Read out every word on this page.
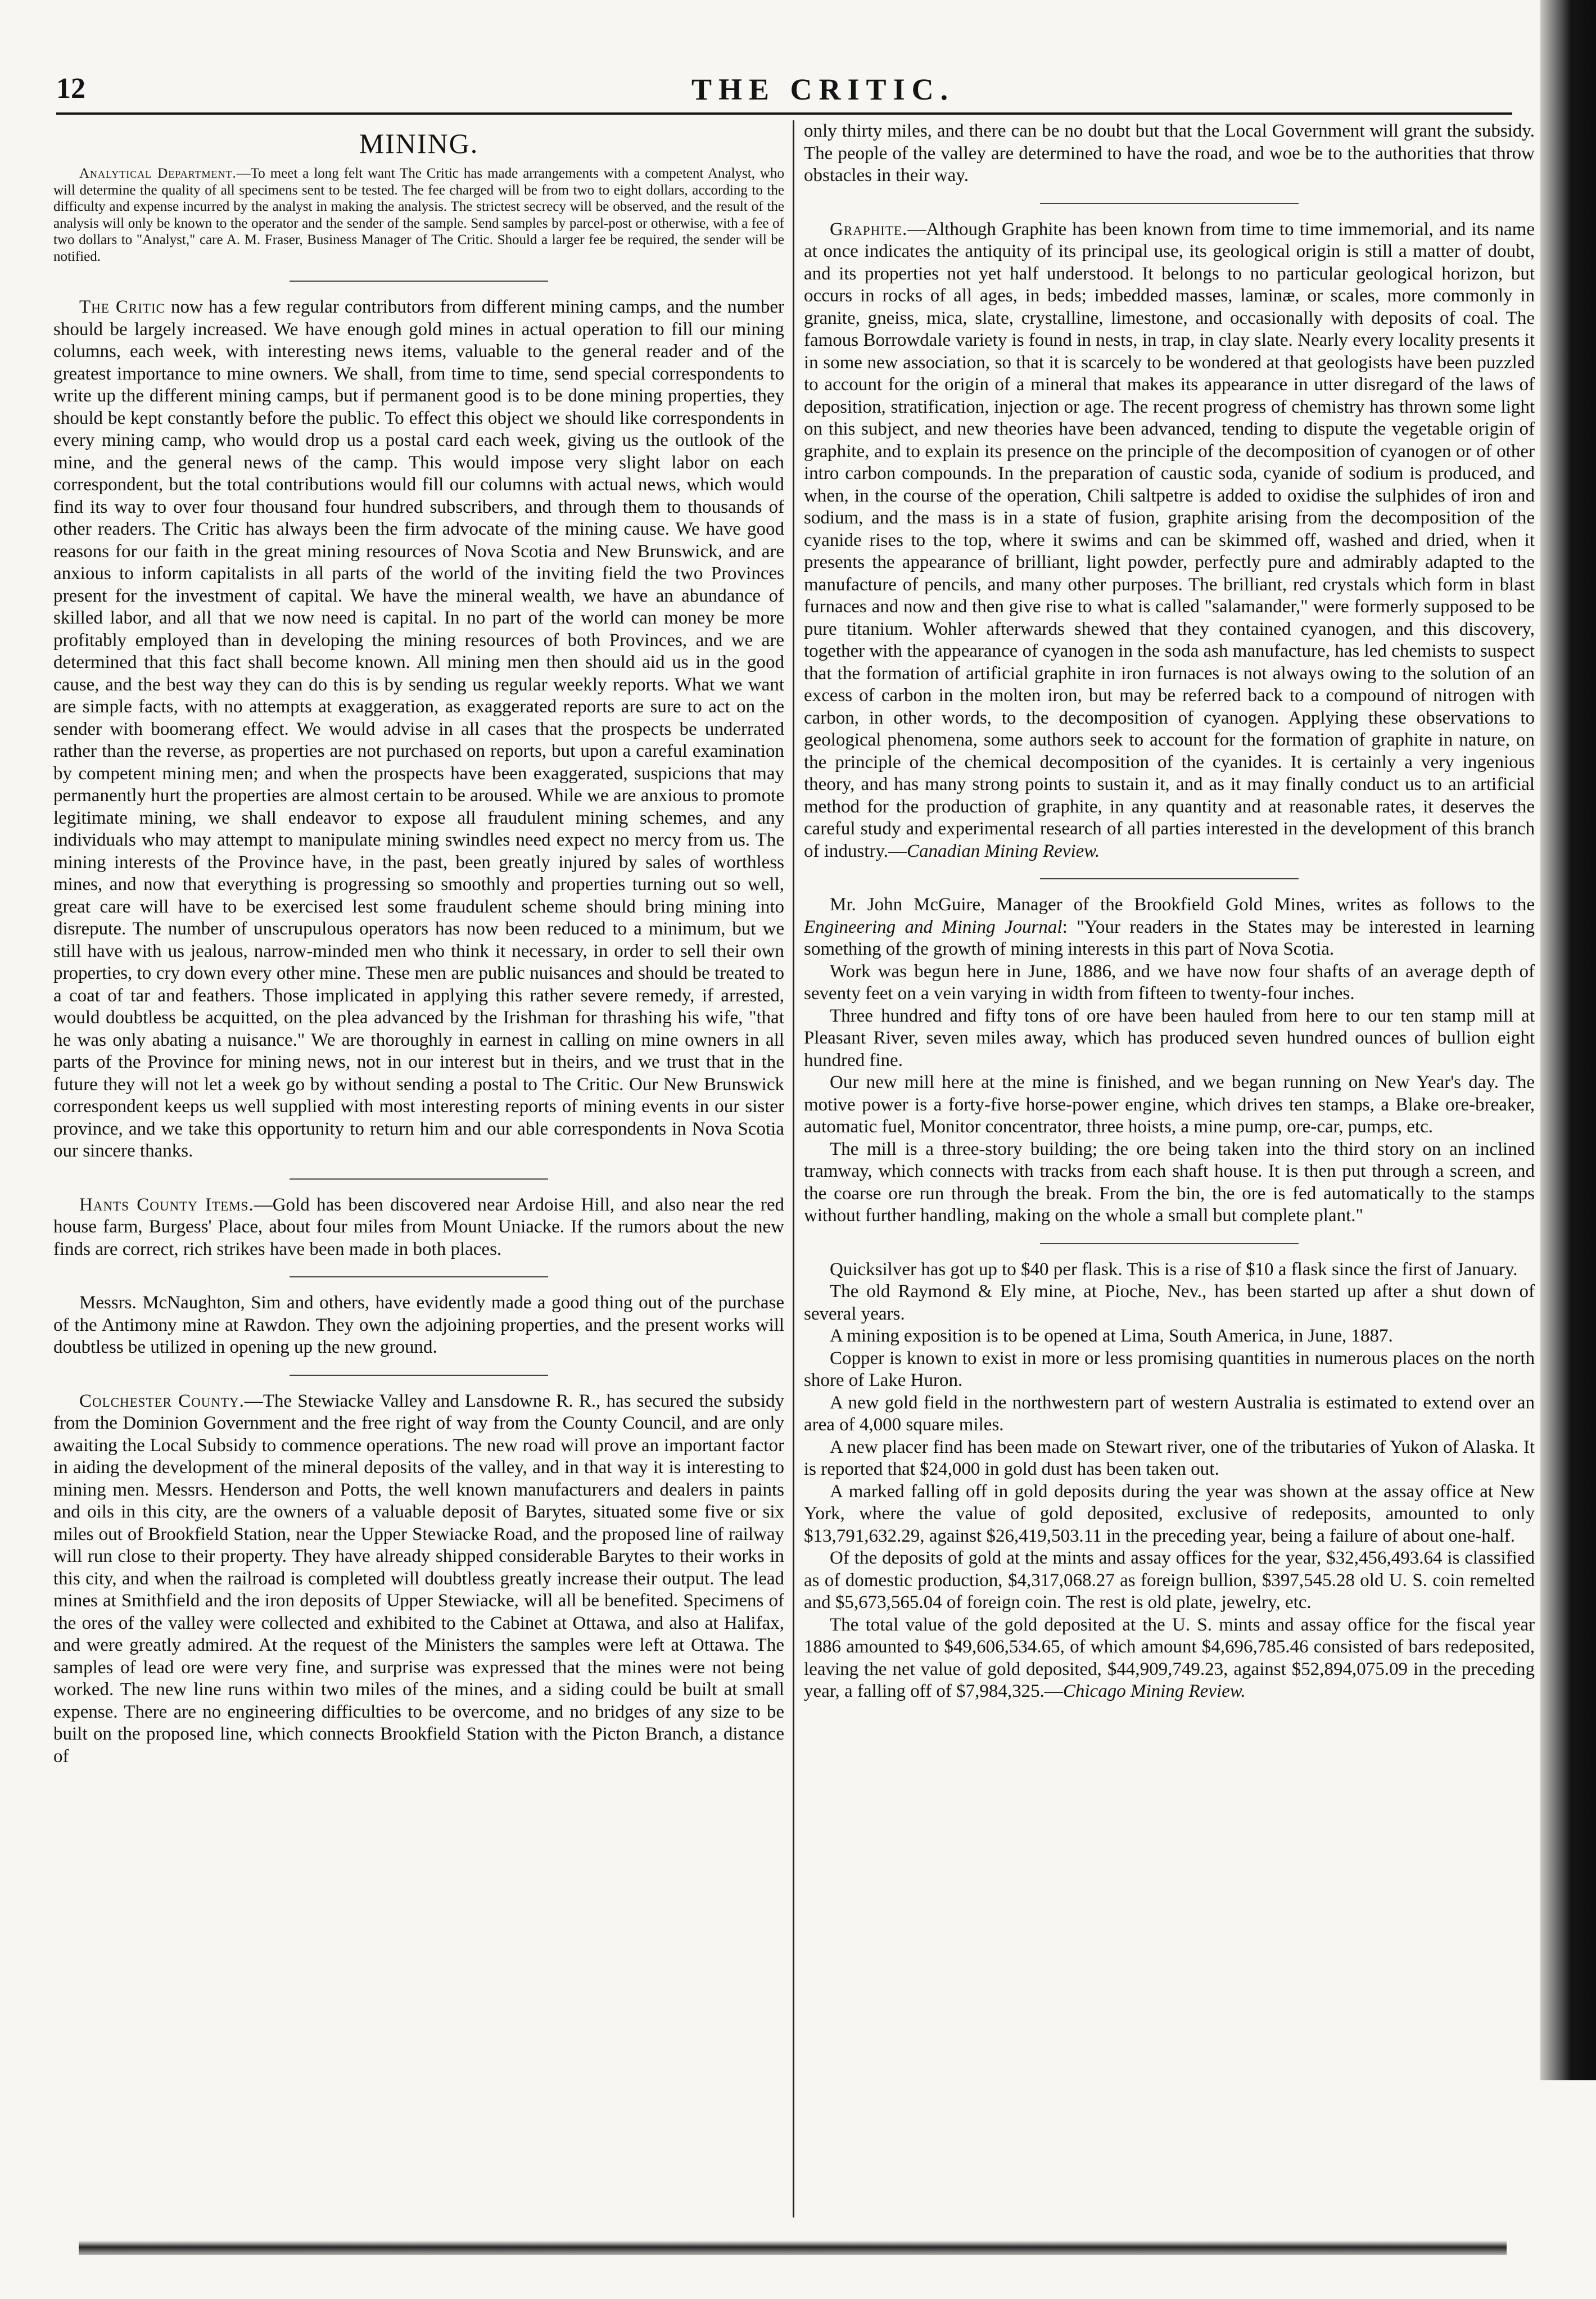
12	THE CRITIC.
MINING.

Analytical Department.—To meet a long felt want The Critic has made arrangements with a competent Analyst, who will determine the quality of all specimens sent to be tested. The fee charged will be from two to eight dollars, according to the difficulty and expense incurred by the analyst in making the analysis. The strictest secrecy will be observed, and the result of the analysis will only be known to the operator and the sender of the sample. Send samples by parcel-post or otherwise, with a fee of two dollars to "Analyst," care A. M. Fraser, Business Manager of The Critic. Should a larger fee be required, the sender will be notified.

The Critic now has a few regular contributors from different mining camps, and the number should be largely increased. We have enough gold mines in actual operation to fill our mining columns, each week, with interesting news items, valuable to the general reader and of the greatest importance to mine owners. We shall, from time to time, send special correspondents to write up the different mining camps, but if permanent good is to be done mining properties, they should be kept constantly before the public. To effect this object we should like correspondents in every mining camp, who would drop us a postal card each week, giving us the outlook of the mine, and the general news of the camp. This would impose very slight labor on each correspondent, but the total contributions would fill our columns with actual news, which would find its way to over four thousand four hundred subscribers, and through them to thousands of other readers. The Critic has always been the firm advocate of the mining cause. We have good reasons for our faith in the great mining resources of Nova Scotia and New Brunswick, and are anxious to inform capitalists in all parts of the world of the inviting field the two Provinces present for the investment of capital. We have the mineral wealth, we have an abundance of skilled labor, and all that we now need is capital. In no part of the world can money be more profitably employed than in developing the mining resources of both Provinces, and we are determined that this fact shall become known. All mining men then should aid us in the good cause, and the best way they can do this is by sending us regular weekly reports. What we want are simple facts, with no attempts at exaggeration, as exaggerated reports are sure to act on the sender with boomerang effect. We would advise in all cases that the prospects be underrated rather than the reverse, as properties are not purchased on reports, but upon a careful examination by competent mining men; and when the prospects have been exaggerated, suspicions that may permanently hurt the properties are almost certain to be aroused. While we are anxious to promote legitimate mining, we shall endeavor to expose all fraudulent mining schemes, and any individuals who may attempt to manipulate mining swindles need expect no mercy from us. The mining interests of the Province have, in the past, been greatly injured by sales of worthless mines, and now that everything is progressing so smoothly and properties turning out so well, great care will have to be exercised lest some fraudulent scheme should bring mining into disrepute. The number of unscrupulous operators has now been reduced to a minimum, but we still have with us jealous, narrow-minded men who think it necessary, in order to sell their own properties, to cry down every other mine. These men are public nuisances and should be treated to a coat of tar and feathers. Those implicated in applying this rather severe remedy, if arrested, would doubtless be acquitted, on the plea advanced by the Irishman for thrashing his wife, "that he was only abating a nuisance." We are thoroughly in earnest in calling on mine owners in all parts of the Province for mining news, not in our interest but in theirs, and we trust that in the future they will not let a week go by without sending a postal to The Critic. Our New Brunswick correspondent keeps us well supplied with most interesting reports of mining events in our sister province, and we take this opportunity to return him and our able correspondents in Nova Scotia our sincere thanks.

Hants County Items.—Gold has been discovered near Ardoise Hill, and also near the red house farm, Burgess' Place, about four miles from Mount Uniacke. If the rumors about the new finds are correct, rich strikes have been made in both places.

Messrs. McNaughton, Sim and others, have evidently made a good thing out of the purchase of the Antimony mine at Rawdon. They own the adjoining properties, and the present works will doubtless be utilized in opening up the new ground.

Colchester County.—The Stewiacke Valley and Lansdowne R. R., has secured the subsidy from the Dominion Government and the free right of way from the County Council, and are only awaiting the Local Subsidy to commence operations. The new road will prove an important factor in aiding the development of the mineral deposits of the valley, and in that way it is interesting to mining men. Messrs. Henderson and Potts, the well known manufacturers and dealers in paints and oils in this city, are the owners of a valuable deposit of Barytes, situated some five or six miles out of Brookfield Station, near the Upper Stewiacke Road, and the proposed line of railway will run close to their property. They have already shipped considerable Barytes to their works in this city, and when the railroad is completed will doubtless greatly increase their output. The lead mines at Smithfield and the iron deposits of Upper Stewiacke, will all be benefited. Specimens of the ores of the valley were collected and exhibited to the Cabinet at Ottawa, and also at Halifax, and were greatly admired. At the request of the Ministers the samples were left at Ottawa. The samples of lead ore were very fine, and surprise was expressed that the mines were not being worked. The new line runs within two miles of the mines, and a siding could be built at small expense. There are no engineering difficulties to be overcome, and no bridges of any size to be built on the proposed line, which connects Brookfield Station with the Picton Branch, a distance of

only thirty miles, and there can be no doubt but that the Local Government will grant the subsidy. The people of the valley are determined to have the road, and woe be to the authorities that throw obstacles in their way.

Graphite.—Although Graphite has been known from time to time immemorial, and its name at once indicates the antiquity of its principal use, its geological origin is still a matter of doubt, and its properties not yet half understood. It belongs to no particular geological horizon, but occurs in rocks of all ages, in beds; imbedded masses, laminæ, or scales, more commonly in granite, gneiss, mica, slate, crystalline, limestone, and occasionally with deposits of coal. The famous Borrowdale variety is found in nests, in trap, in clay slate. Nearly every locality presents it in some new association, so that it is scarcely to be wondered at that geologists have been puzzled to account for the origin of a mineral that makes its appearance in utter disregard of the laws of deposition, stratification, injection or age. The recent progress of chemistry has thrown some light on this subject, and new theories have been advanced, tending to dispute the vegetable origin of graphite, and to explain its presence on the principle of the decomposition of cyanogen or of other intro carbon compounds. In the preparation of caustic soda, cyanide of sodium is produced, and when, in the course of the operation, Chili saltpetre is added to oxidise the sulphides of iron and sodium, and the mass is in a state of fusion, graphite arising from the decomposition of the cyanide rises to the top, where it swims and can be skimmed off, washed and dried, when it presents the appearance of brilliant, light powder, perfectly pure and admirably adapted to the manufacture of pencils, and many other purposes. The brilliant, red crystals which form in blast furnaces and now and then give rise to what is called "salamander," were formerly supposed to be pure titanium. Wohler afterwards shewed that they contained cyanogen, and this discovery, together with the appearance of cyanogen in the soda ash manufacture, has led chemists to suspect that the formation of artificial graphite in iron furnaces is not always owing to the solution of an excess of carbon in the molten iron, but may be referred back to a compound of nitrogen with carbon, in other words, to the decomposition of cyanogen. Applying these observations to geological phenomena, some authors seek to account for the formation of graphite in nature, on the principle of the chemical decomposition of the cyanides. It is certainly a very ingenious theory, and has many strong points to sustain it, and as it may finally conduct us to an artificial method for the production of graphite, in any quantity and at reasonable rates, it deserves the careful study and experimental research of all parties interested in the development of this branch of industry.—Canadian Mining Review.

Mr. John McGuire, Manager of the Brookfield Gold Mines, writes as follows to the Engineering and Mining Journal: "Your readers in the States may be interested in learning something of the growth of mining interests in this part of Nova Scotia.

Work was begun here in June, 1886, and we have now four shafts of an average depth of seventy feet on a vein varying in width from fifteen to twenty-four inches.

Three hundred and fifty tons of ore have been hauled from here to our ten stamp mill at Pleasant River, seven miles away, which has produced seven hundred ounces of bullion eight hundred fine.

Our new mill here at the mine is finished, and we began running on New Year's day. The motive power is a forty-five horse-power engine, which drives ten stamps, a Blake ore-breaker, automatic fuel, Monitor concentrator, three hoists, a mine pump, ore-car, pumps, etc.

The mill is a three-story building; the ore being taken into the third story on an inclined tramway, which connects with tracks from each shaft house. It is then put through a screen, and the coarse ore run through the break. From the bin, the ore is fed automatically to the stamps without further handling, making on the whole a small but complete plant."

Quicksilver has got up to $40 per flask. This is a rise of $10 a flask since the first of January.

The old Raymond & Ely mine, at Pioche, Nev., has been started up after a shut down of several years.

A mining exposition is to be opened at Lima, South America, in June, 1887.

Copper is known to exist in more or less promising quantities in numerous places on the north shore of Lake Huron.

A new gold field in the northwestern part of western Australia is estimated to extend over an area of 4,000 square miles.

A new placer find has been made on Stewart river, one of the tributaries of Yukon of Alaska. It is reported that $24,000 in gold dust has been taken out.

A marked falling off in gold deposits during the year was shown at the assay office at New York, where the value of gold deposited, exclusive of redeposits, amounted to only $13,791,632.29, against $26,419,503.11 in the preceding year, being a failure of about one-half.

Of the deposits of gold at the mints and assay offices for the year, $32,456,493.64 is classified as of domestic production, $4,317,068.27 as foreign bullion, $397,545.28 old U. S. coin remelted and $5,673,565.04 of foreign coin. The rest is old plate, jewelry, etc.

The total value of the gold deposited at the U. S. mints and assay office for the fiscal year 1886 amounted to $49,606,534.65, of which amount $4,696,785.46 consisted of bars redeposited, leaving the net value of gold deposited, $44,909,749.23, against $52,894,075.09 in the preceding year, a falling off of $7,984,325.—Chicago Mining Review.
